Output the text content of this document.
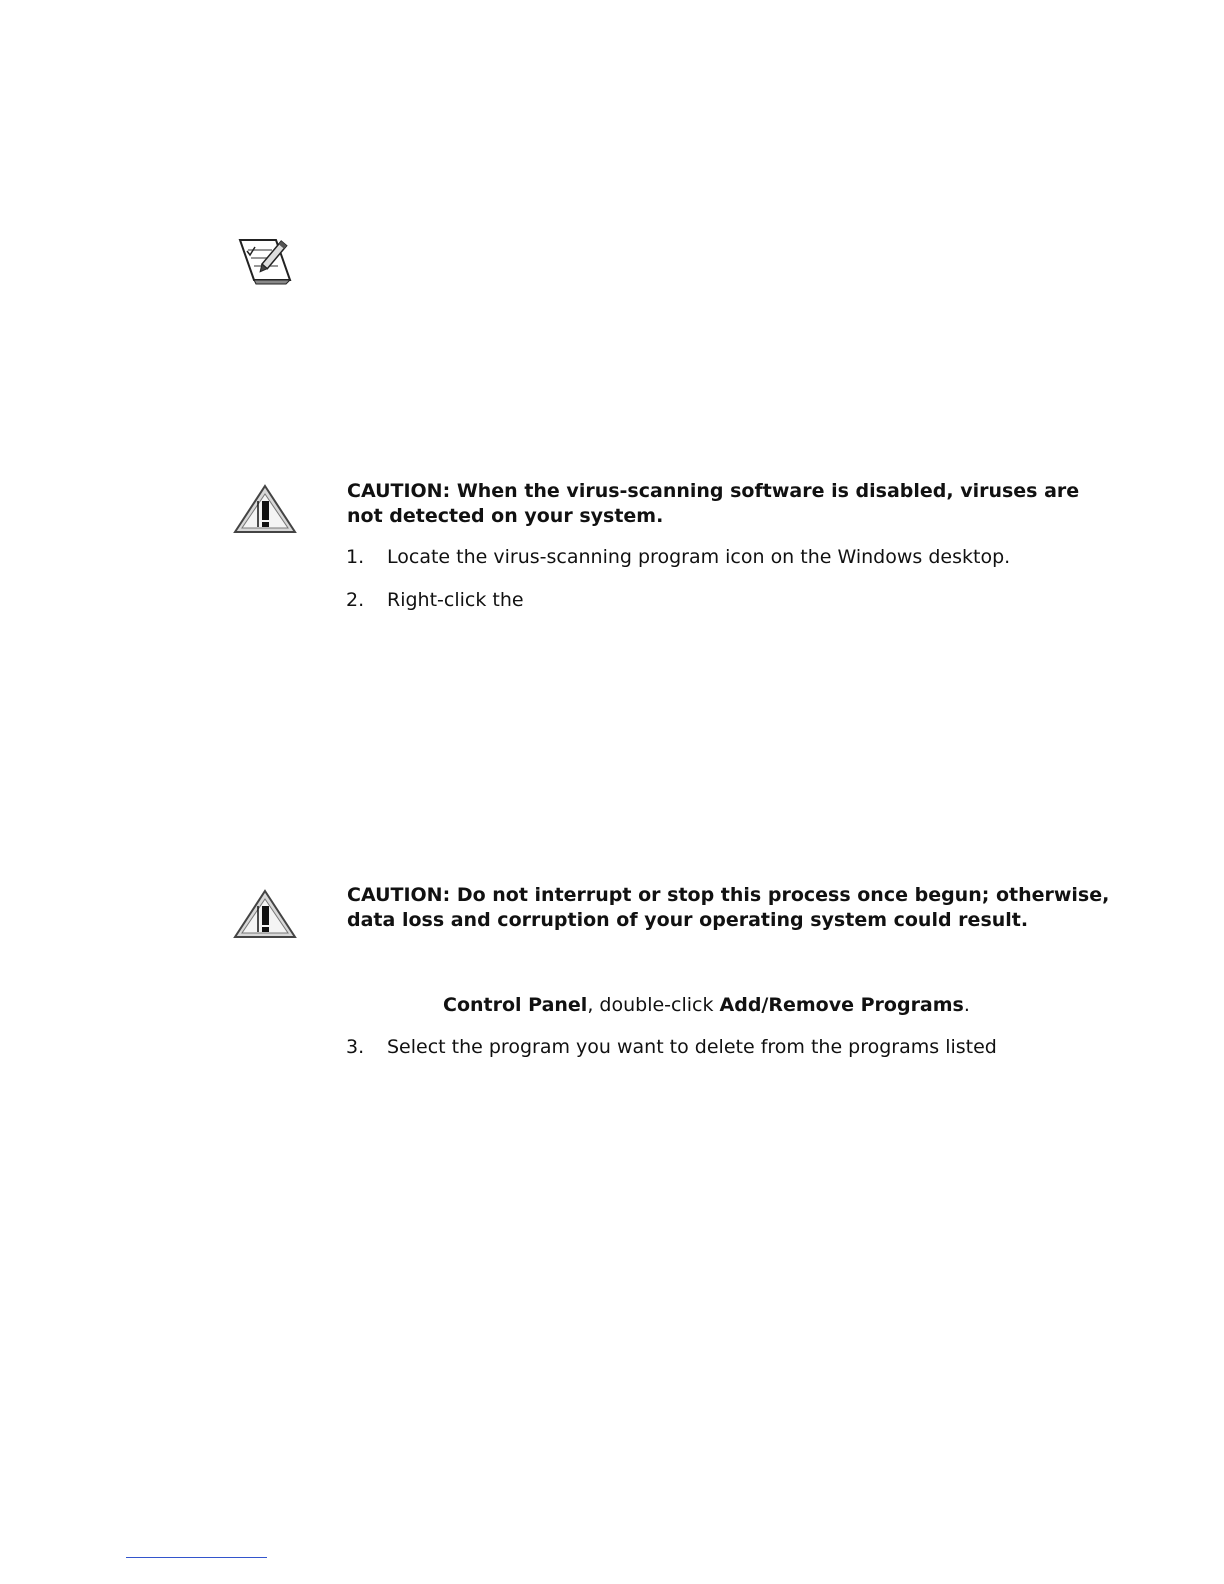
CAUTION: When the virus-scanning software is disabled, viruses are not detected on your system.
1. Locate the virus-scanning program icon on the Windows desktop.
2. Right-click the
CAUTION: Do not interrupt or stop this process once begun; otherwise, data loss and corruption of your operating system could result.
Control Panel, double-click Add/Remove Programs.
3. Select the program you want to delete from the programs listed
